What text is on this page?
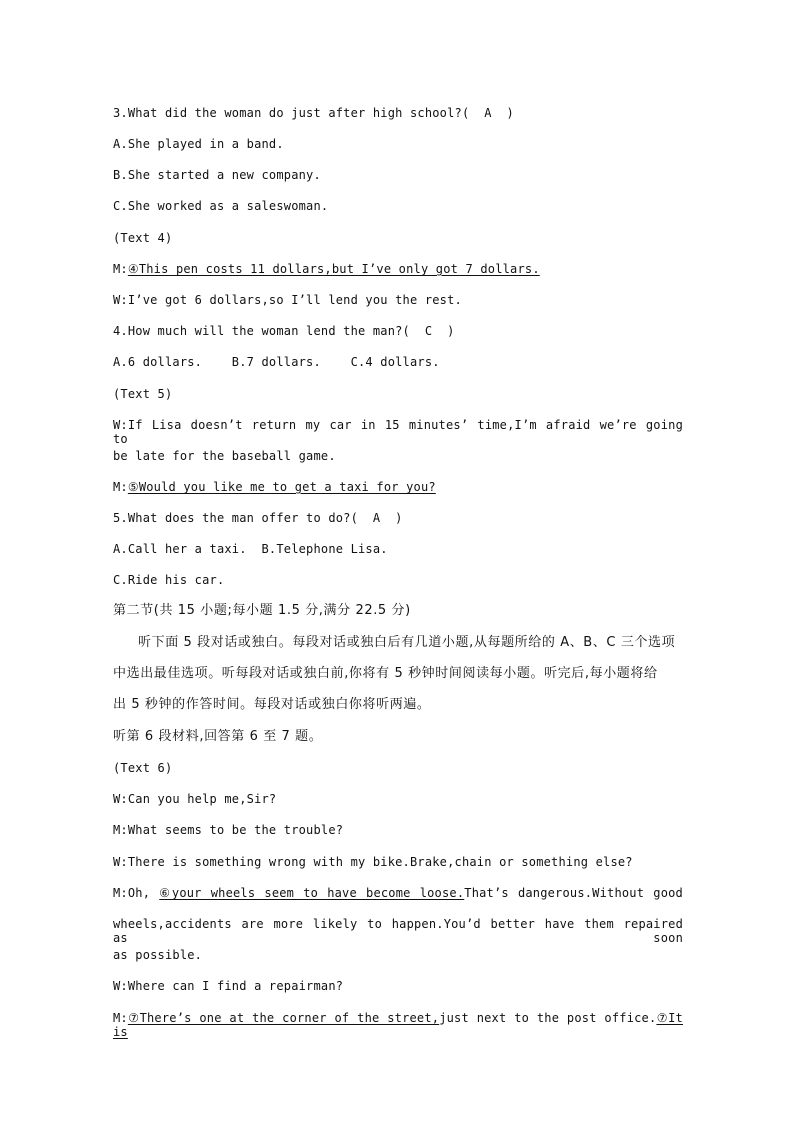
3.What did the woman do just after high school?(  A  )
A.She played in a band.
B.She started a new company.
C.She worked as a saleswoman.
(Text 4)
M:④This pen costs 11 dollars,but I’ve only got 7 dollars.
W:I’ve got 6 dollars,so I’ll lend you the rest.
4.How much will the woman lend the man?(  C  )
A.6 dollars.    B.7 dollars.    C.4 dollars.
(Text 5)
W:If Lisa doesn’t return my car in 15 minutes’ time,I’m afraid we’re going to
be late for the baseball game.
M:⑤Would you like me to get a taxi for you?
5.What does the man offer to do?(  A  )
A.Call her a taxi.  B.Telephone Lisa.
C.Ride his car.
第二节(共 15 小题;每小题 1.5 分,满分 22.5 分)
听下面 5 段对话或独白。每段对话或独白后有几道小题,从每题所给的 A、B、C 三个选项
中选出最佳选项。听每段对话或独白前,你将有 5 秒钟时间阅读每小题。听完后,每小题将给
出 5 秒钟的作答时间。每段对话或独白你将听两遍。
听第 6 段材料,回答第 6 至 7 题。
(Text 6)
W:Can you help me,Sir?
M:What seems to be the trouble?
W:There is something wrong with my bike.Brake,chain or something else?
M:Oh, ⑥your wheels seem to have become loose.That’s dangerous.Without good
wheels,accidents are more likely to happen.You’d better have them repaired as soon
as possible.
W:Where can I find a repairman?
M:⑦There’s one at the corner of the street,just next to the post office.⑦It is
